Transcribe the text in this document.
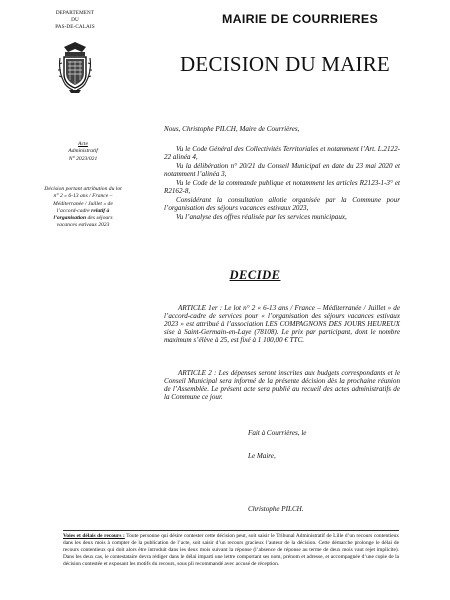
DEPARTEMENT
DU
PAS-DE-CALAIS
MAIRIE DE COURRIERES
DECISION DU MAIRE
Acte
Administratif
N° 2023/021
Décision portant attribution du lot n° 2 « 6-13 ans / France – Méditerranée / Juillet » de l’accord-cadre relatif à l’organisation des séjours vacances estivaux 2023
Nous, Christophe PILCH, Maire de Courrières,

Vu le Code Général des Collectivités Territoriales et notamment l’Art. L.2122-22 alinéa 4,

Vu la délibération n° 20/21 du Conseil Municipal en date du 23 mai 2020 et notamment l’alinéa 3,

Vu le Code de la commande publique et notamment les articles R2123-1-3° et R2162-8,

Considérant la consultation allotie organisée par la Commune pour l’organisation des séjours vacances estivaux 2023,

Vu l’analyse des offres réalisée par les services municipaux,

DECIDE

ARTICLE 1er : Le lot n° 2 « 6-13 ans / France – Méditerranée / Juillet » de l’accord-cadre de services pour « l’organisation des séjours vacances estivaux 2023 » est attribué à l’association LES COMPAGNONS DES JOURS HEUREUX sise à Saint-Germain-en-Laye (78108). Le prix par participant, dont le nombre maximum s’élève à 25, est fixé à 1 100,00 € TTC.

ARTICLE 2 : Les dépenses seront inscrites aux budgets correspondants et le Conseil Municipal sera informé de la présente décision dès la prochaine réunion de l’Assemblée. Le présent acte sera publié au recueil des actes administratifs de la Commune ce jour.

Fait à Courrières, le
Le Maire,
Christophe PILCH.
Voies et délais de recours : Toute personne qui désire contester cette décision peut, soit saisir le Tribunal Administratif de Lille d’un recours contentieux dans les deux mois à compter de la publication de l’acte, soit saisir d’un recours gracieux l’auteur de la décision. Cette démarche prolonge le délai de recours contentieux qui doit alors être introduit dans les deux mois suivant la réponse (l’absence de réponse au terme de deux mois vaut rejet implicite). Dans les deux cas, le contestataire devra rédiger dans le délai imparti une lettre comportant ses nom, prénom et adresse, et accompagnée d’une copie de la décision contestée et exposant les motifs du recours, sous pli recommandé avec accusé de réception.
